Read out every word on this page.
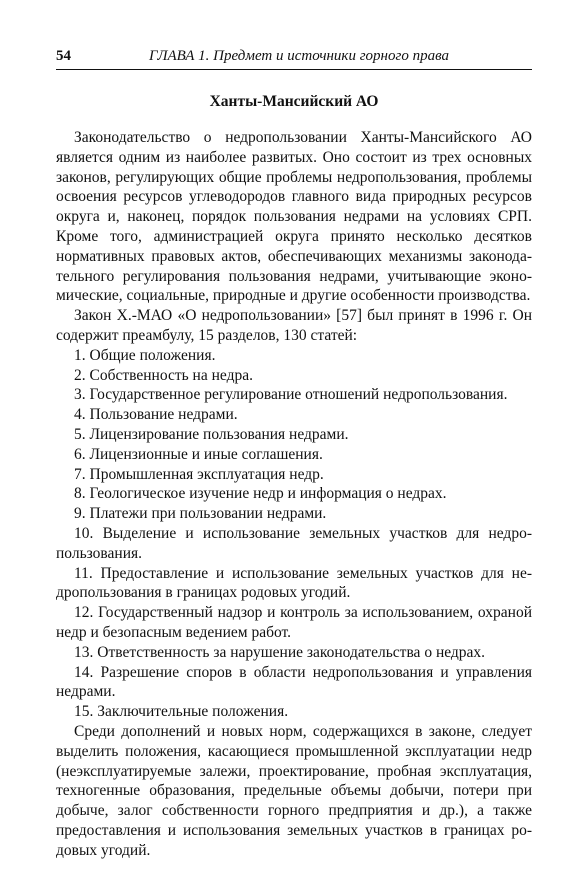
54	ГЛАВА 1. Предмет и источники горного права
Ханты-Мансийский АО

Законодательство о недропользовании Ханты-Мансийского АО является одним из наиболее развитых. Оно состоит из трех основных законов, регулирующих общие проблемы недропользования, проблемы освоения ресурсов углеводородов главного вида природных ресурсов округа и, наконец, порядок пользования недрами на условиях СРП. Кроме того, администрацией округа принято несколько десятков нормативных правовых актов, обеспечивающих механизмы законодательного регулирования пользования недрами, учитывающие экономические, социальные, природные и другие особенности производства.

Закон Х.-МАО «О недропользовании» [57] был принят в 1996 г. Он содержит преамбулу, 15 разделов, 130 статей:

1. Общие положения.
2. Собственность на недра.
3. Государственное регулирование отношений недропользования.
4. Пользование недрами.
5. Лицензирование пользования недрами.
6. Лицензионные и иные соглашения.
7. Промышленная эксплуатация недр.
8. Геологическое изучение недр и информация о недрах.
9. Платежи при пользовании недрами.
10. Выделение и использование земельных участков для недропользования.
11. Предоставление и использование земельных участков для недропользования в границах родовых угодий.
12. Государственный надзор и контроль за использованием, охраной недр и безопасным ведением работ.
13. Ответственность за нарушение законодательства о недрах.
14. Разрешение споров в области недропользования и управления недрами.
15. Заключительные положения.

Среди дополнений и новых норм, содержащихся в законе, следует выделить положения, касающиеся промышленной эксплуатации недр (неэксплуатируемые залежи, проектирование, пробная эксплуатация, техногенные образования, предельные объемы добычи, потери при добыче, залог собственности горного предприятия и др.), а также предоставления и использования земельных участков в границах родовых угодий.
